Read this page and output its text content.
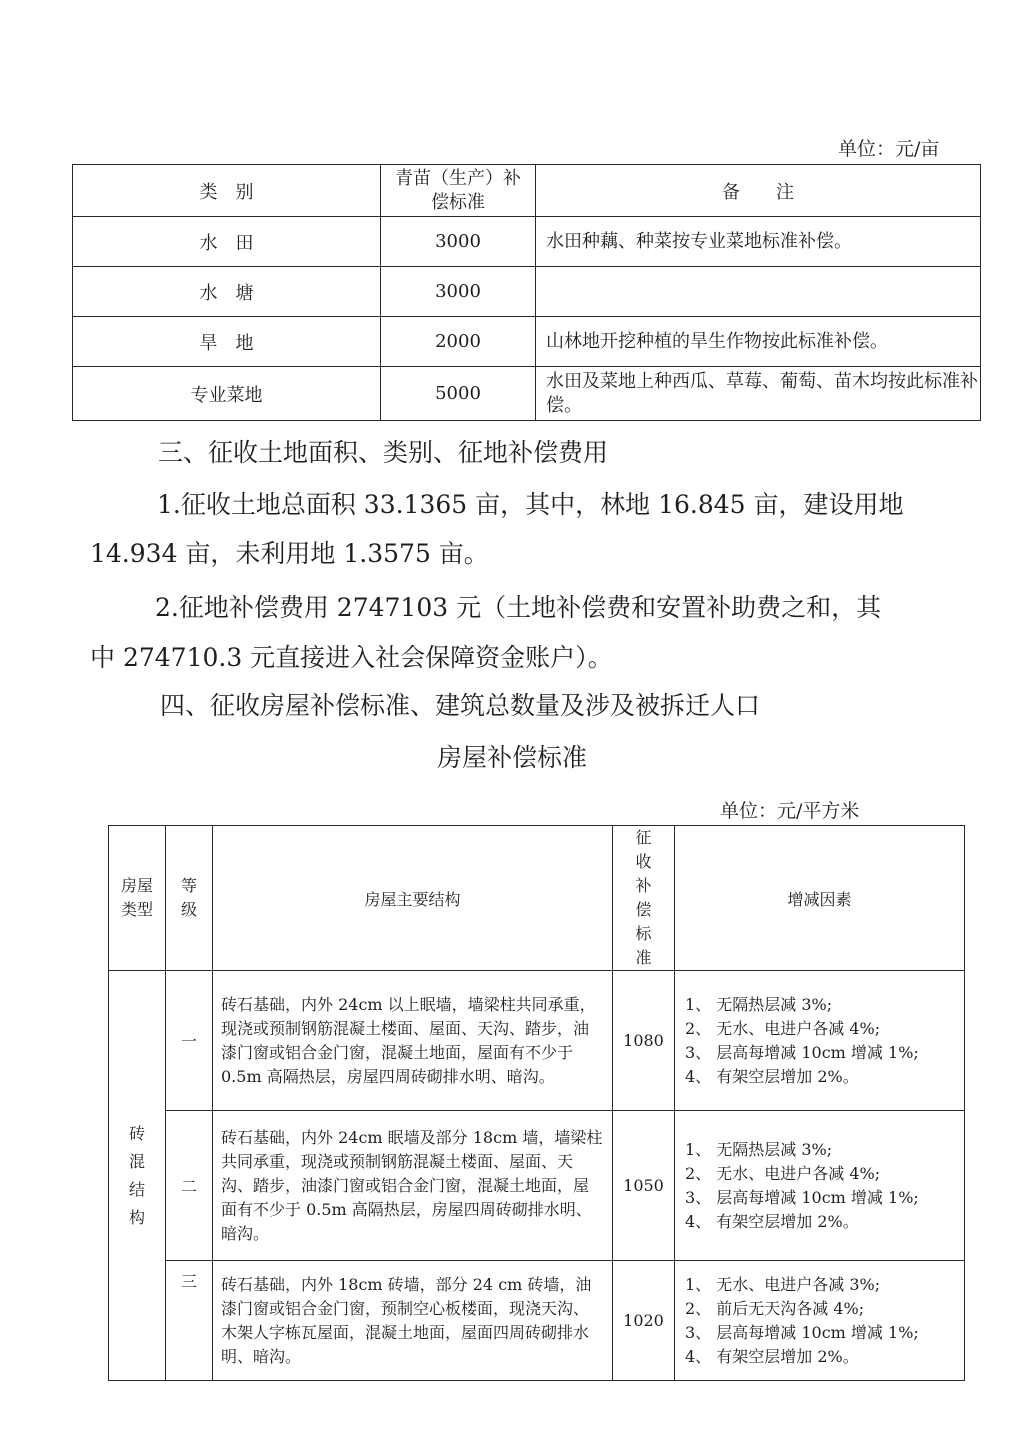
单位：元/亩
类　别	青苗（生产）补偿标准	备　　注
水　田	3000	水田种藕、种菜按专业菜地标准补偿。
水　塘	3000	
旱　地	2000	山林地开挖种植的旱生作物按此标准补偿。
专业菜地	5000	水田及菜地上种西瓜、草莓、葡萄、苗木均按此标准补偿。
三、征收土地面积、类别、征地补偿费用
1.征收土地总面积 33.1365 亩，其中，林地 16.845 亩，建设用地
14.934 亩，未利用地 1.3575 亩。
2.征地补偿费用 2747103 元（土地补偿费和安置补助费之和，其
中 274710.3 元直接进入社会保障资金账户）。
四、征收房屋补偿标准、建筑总数量及涉及被拆迁人口
房屋补偿标准
单位：元/平方米
房屋类型	等级	房屋主要结构	征收补偿标准	增减因素

砖混结构	一	砖石基础，内外 24cm 以上眠墙，墙梁柱共同承重，现浇或预制钢筋混凝土楼面、屋面、天沟、踏步，油漆门窗或铝合金门窗，混凝土地面，屋面有不少于 0.5m 高隔热层，房屋四周砖砌排水明、暗沟。	1080	1、 无隔热层减 3%;
2、 无水、电进户各减 4%;
3、 层高每增减 10cm 增减 1%;
4、 有架空层增加 2%。

	二	砖石基础，内外 24cm 眠墙及部分 18cm 墙，墙梁柱共同承重，现浇或预制钢筋混凝土楼面、屋面、天沟、踏步，油漆门窗或铝合金门窗，混凝土地面，屋面有不少于 0.5m 高隔热层，房屋四周砖砌排水明、暗沟。	1050	1、 无隔热层减 3%;
2、 无水、电进户各减 4%;
3、 层高每增减 10cm 增减 1%;
4、 有架空层增加 2%。

	三	砖石基础，内外 18cm 砖墙，部分 24 cm 砖墙，油漆门窗或铝合金门窗，预制空心板楼面，现浇天沟、木架人字栋瓦屋面，混凝土地面，屋面四周砖砌排水明、暗沟。	1020	1、 无水、电进户各减 3%;
2、 前后无天沟各减 4%;
3、 层高每增减 10cm 增减 1%;
4、 有架空层增加 2%。
